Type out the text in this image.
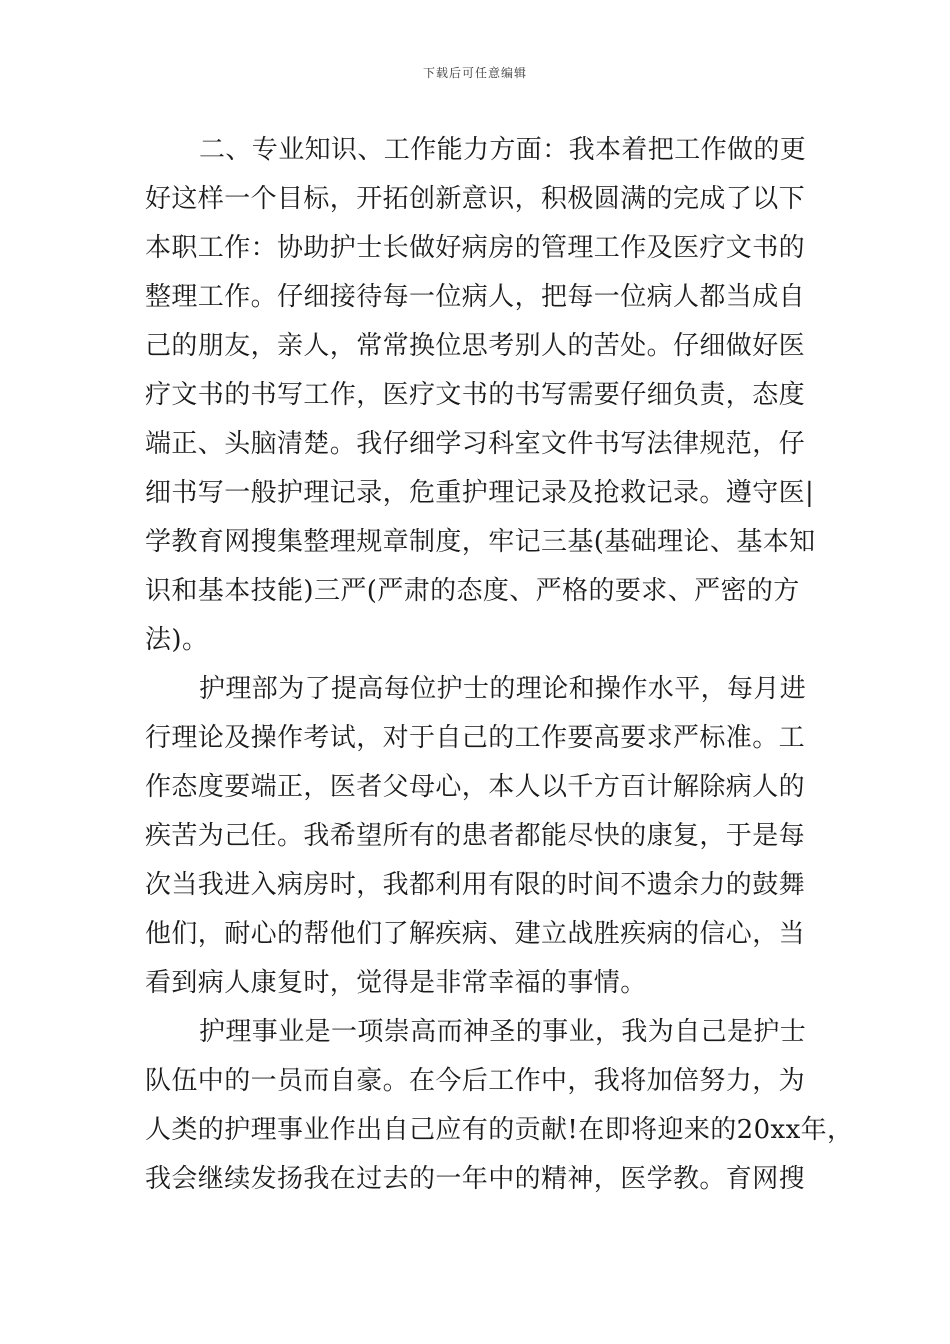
下载后可任意编辑
二、专业知识、工作能力方面：我本着把工作做的更
好这样一个目标，开拓创新意识，积极圆满的完成了以下
本职工作：协助护士长做好病房的管理工作及医疗文书的
整理工作。仔细接待每一位病人，把每一位病人都当成自
己的朋友，亲人，常常换位思考别人的苦处。仔细做好医
疗文书的书写工作，医疗文书的书写需要仔细负责，态度
端正、头脑清楚。我仔细学习科室文件书写法律规范，仔
细书写一般护理记录，危重护理记录及抢救记录。遵守医|
学教育网搜集整理规章制度，牢记三基(基础理论、基本知
识和基本技能)三严(严肃的态度、严格的要求、严密的方
法)。
护理部为了提高每位护士的理论和操作水平，每月进
行理论及操作考试，对于自己的工作要高要求严标准。工
作态度要端正，医者父母心，本人以千方百计解除病人的
疾苦为己任。我希望所有的患者都能尽快的康复，于是每
次当我进入病房时，我都利用有限的时间不遗余力的鼓舞
他们，耐心的帮他们了解疾病、建立战胜疾病的信心，当
看到病人康复时，觉得是非常幸福的事情。
护理事业是一项崇高而神圣的事业，我为自己是护士
队伍中的一员而自豪。在今后工作中，我将加倍努力，为
人类的护理事业作出自己应有的贡献!在即将迎来的20xx年，
我会继续发扬我在过去的一年中的精神，医学教。育网搜
